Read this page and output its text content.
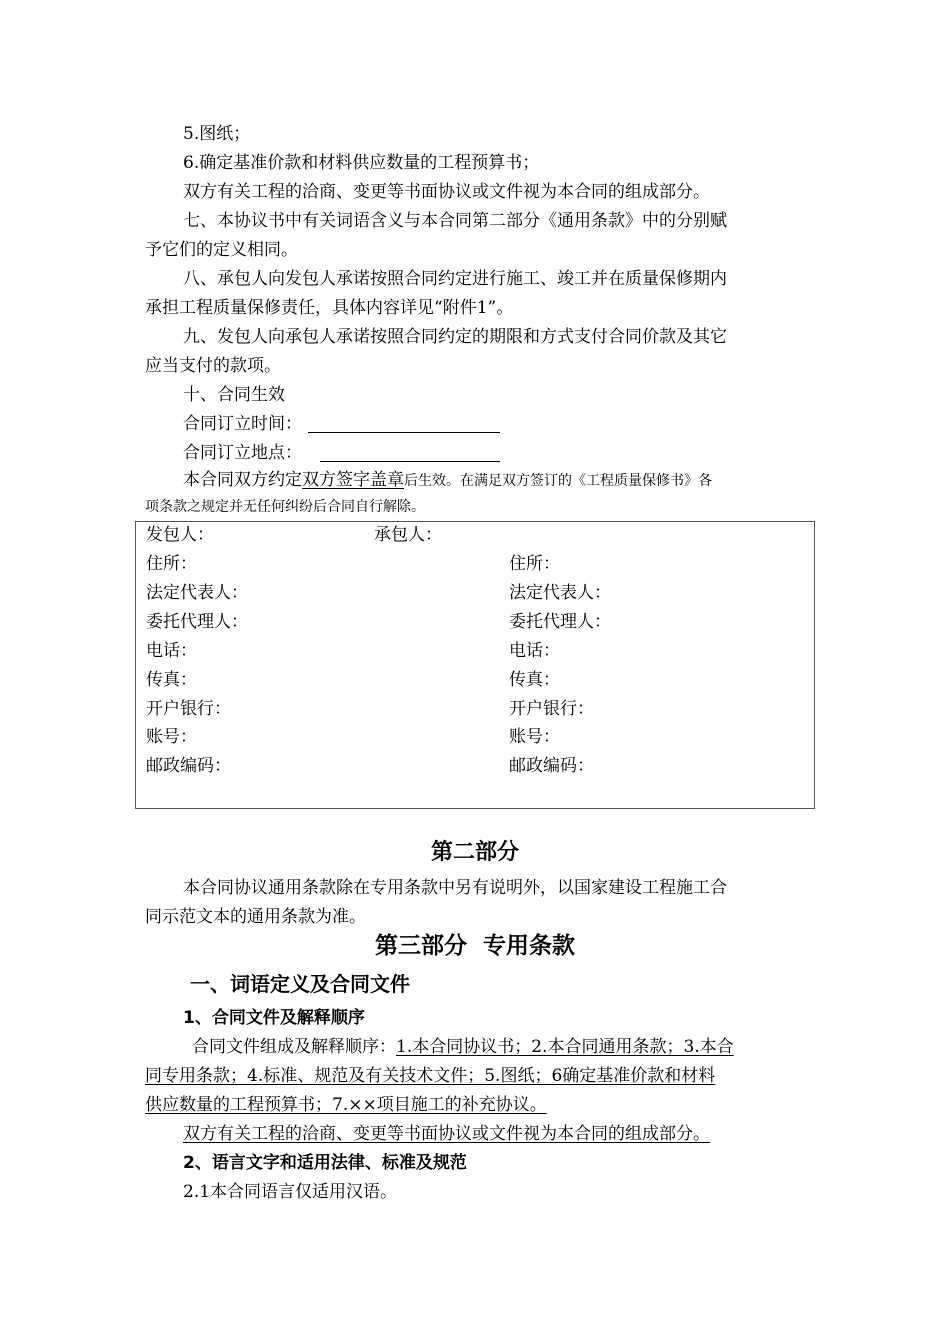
5.图纸；
6.确定基准价款和材料供应数量的工程预算书；
双方有关工程的洽商、变更等书面协议或文件视为本合同的组成部分。
七、本协议书中有关词语含义与本合同第二部分《通用条款》中的分别赋
予它们的定义相同。
八、承包人向发包人承诺按照合同约定进行施工、竣工并在质量保修期内
承担工程质量保修责任，具体内容详见“附件1”。
九、发包人向承包人承诺按照合同约定的期限和方式支付合同价款及其它
应当支付的款项。
十、合同生效
合同订立时间：
合同订立地点：
本合同双方约定双方签字盖章后生效。在满足双方签订的《工程质量保修书》各
项条款之规定并无任何纠纷后合同自行解除。
发包人：	承包人：
住所：	住所：
法定代表人：	法定代表人：
委托代理人：	委托代理人：
电话：	电话：
传真：	传真：
开户银行：	开户银行：
账号：	账号：
邮政编码：	邮政编码：
第二部分
本合同协议通用条款除在专用条款中另有说明外，以国家建设工程施工合
同示范文本的通用条款为准。
第三部分  专用条款
一、词语定义及合同文件
1、合同文件及解释顺序
合同文件组成及解释顺序：1.本合同协议书；2.本合同通用条款；3.本合
同专用条款；4.标准、规范及有关技术文件；5.图纸；6确定基准价款和材料
供应数量的工程预算书；7.××项目施工的补充协议。
双方有关工程的洽商、变更等书面协议或文件视为本合同的组成部分。
2、语言文字和适用法律、标准及规范
2.1本合同语言仅适用汉语。
